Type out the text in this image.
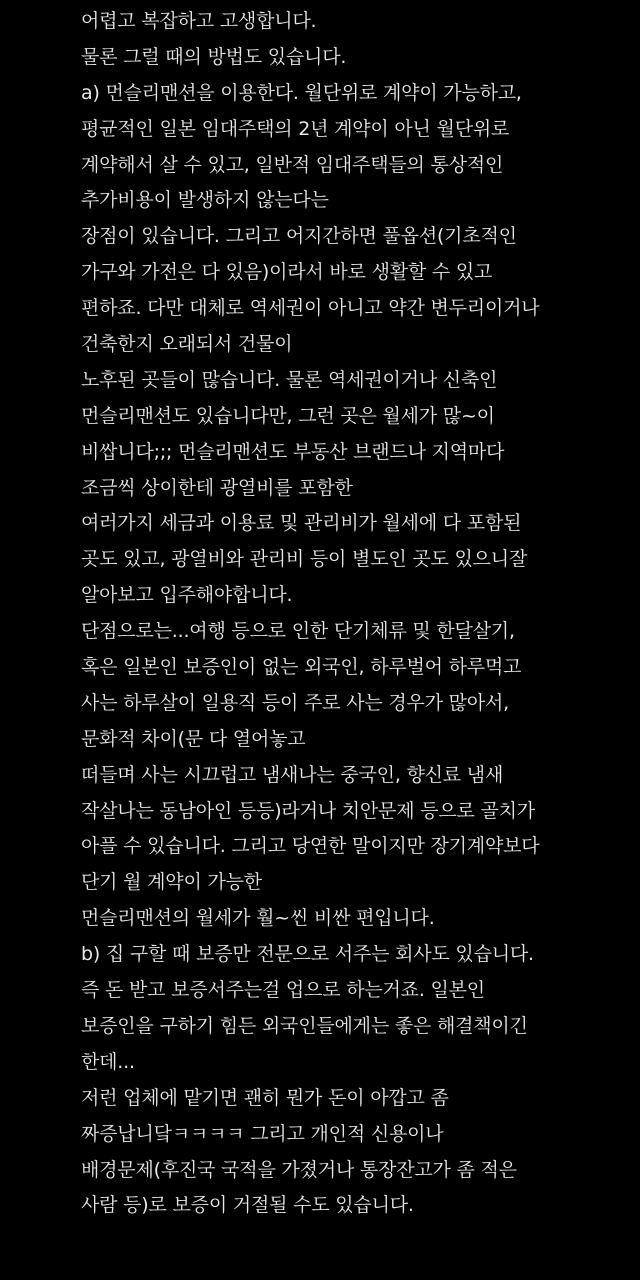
어렵고 복잡하고 고생합니다.
물론 그럴 때의 방법도 있습니다.
a) 먼슬리맨션을 이용한다. 월단위로 계약이 가능하고,
평균적인 일본 임대주택의 2년 계약이 아닌 월단위로
계약해서 살 수 있고, 일반적 임대주택들의 통상적인
추가비용이 발생하지 않는다는
장점이 있습니다. 그리고 어지간하면 풀옵션(기초적인
가구와 가전은 다 있음)이라서 바로 생활할 수 있고
편하죠. 다만 대체로 역세권이 아니고 약간 변두리이거나
건축한지 오래되서 건물이
노후된 곳들이 많습니다. 물론 역세권이거나 신축인
먼슬리맨션도 있습니다만, 그런 곳은 월세가 많~이
비쌉니다;;; 먼슬리맨션도 부동산 브랜드나 지역마다
조금씩 상이한테 광열비를 포함한
여러가지 세금과 이용료 및 관리비가 월세에 다 포함된
곳도 있고, 광열비와 관리비 등이 별도인 곳도 있으니잘
알아보고 입주해야합니다.
단점으로는...여행 등으로 인한 단기체류 및 한달살기,
혹은 일본인 보증인이 없는 외국인, 하루벌어 하루먹고
사는 하루살이 일용직 등이 주로 사는 경우가 많아서,
문화적 차이(문 다 열어놓고
떠들며 사는 시끄럽고 냄새나는 중국인, 향신료 냄새
작살나는 동남아인 등등)라거나 치안문제 등으로 골치가
아플 수 있습니다. 그리고 당연한 말이지만 장기계약보다
단기 월 계약이 가능한
먼슬리맨션의 월세가 훨~씬 비싼 편입니다.
b) 집 구할 때 보증만 전문으로 서주는 회사도 있습니다.
즉 돈 받고 보증서주는걸 업으로 하는거죠. 일본인
보증인을 구하기 힘든 외국인들에게는 좋은 해결책이긴
한데...
저런 업체에 맡기면 괜히 뭔가 돈이 아깝고 좀
짜증납니닼ㅋㅋㅋㅋ 그리고 개인적 신용이나
배경문제(후진국 국적을 가졌거나 통장잔고가 좀 적은
사람 등)로 보증이 거절될 수도 있습니다.
